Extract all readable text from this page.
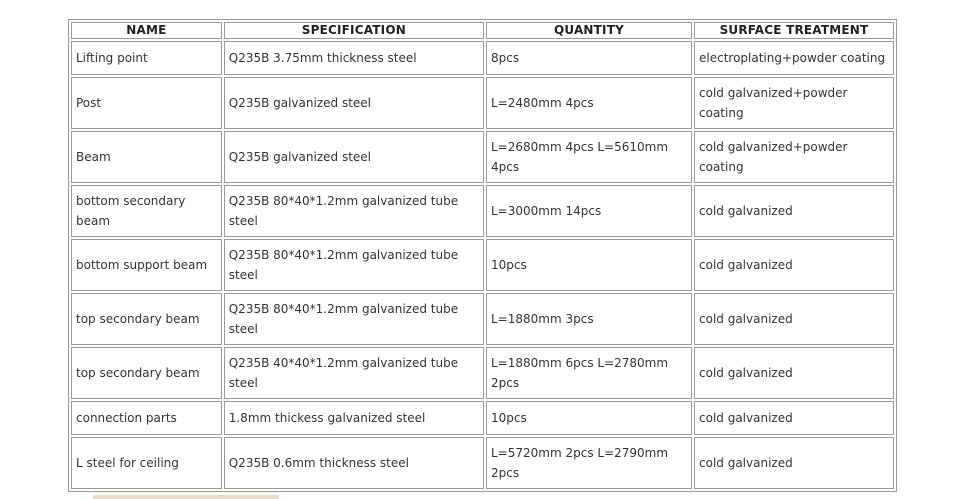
NAME	SPECIFICATION	QUANTITY	SURFACE TREATMENT
Lifting point	Q235B 3.75mm thickness steel	8pcs	electroplating+powder coating
Post	Q235B galvanized steel	L=2480mm 4pcs	cold galvanized+powder coating
Beam	Q235B galvanized steel	L=2680mm 4pcs L=5610mm 4pcs	cold galvanized+powder coating
bottom secondary beam	Q235B 80*40*1.2mm galvanized tube steel	L=3000mm 14pcs	cold galvanized
bottom support beam	Q235B 80*40*1.2mm galvanized tube steel	10pcs	cold galvanized
top secondary beam	Q235B 80*40*1.2mm galvanized tube steel	L=1880mm 3pcs	cold galvanized
top secondary beam	Q235B 40*40*1.2mm galvanized tube steel	L=1880mm 6pcs L=2780mm 2pcs	cold galvanized
connection parts	1.8mm thickess galvanized steel	10pcs	cold galvanized
L steel for ceiling	Q235B 0.6mm thickness steel	L=5720mm 2pcs L=2790mm 2pcs	cold galvanized
